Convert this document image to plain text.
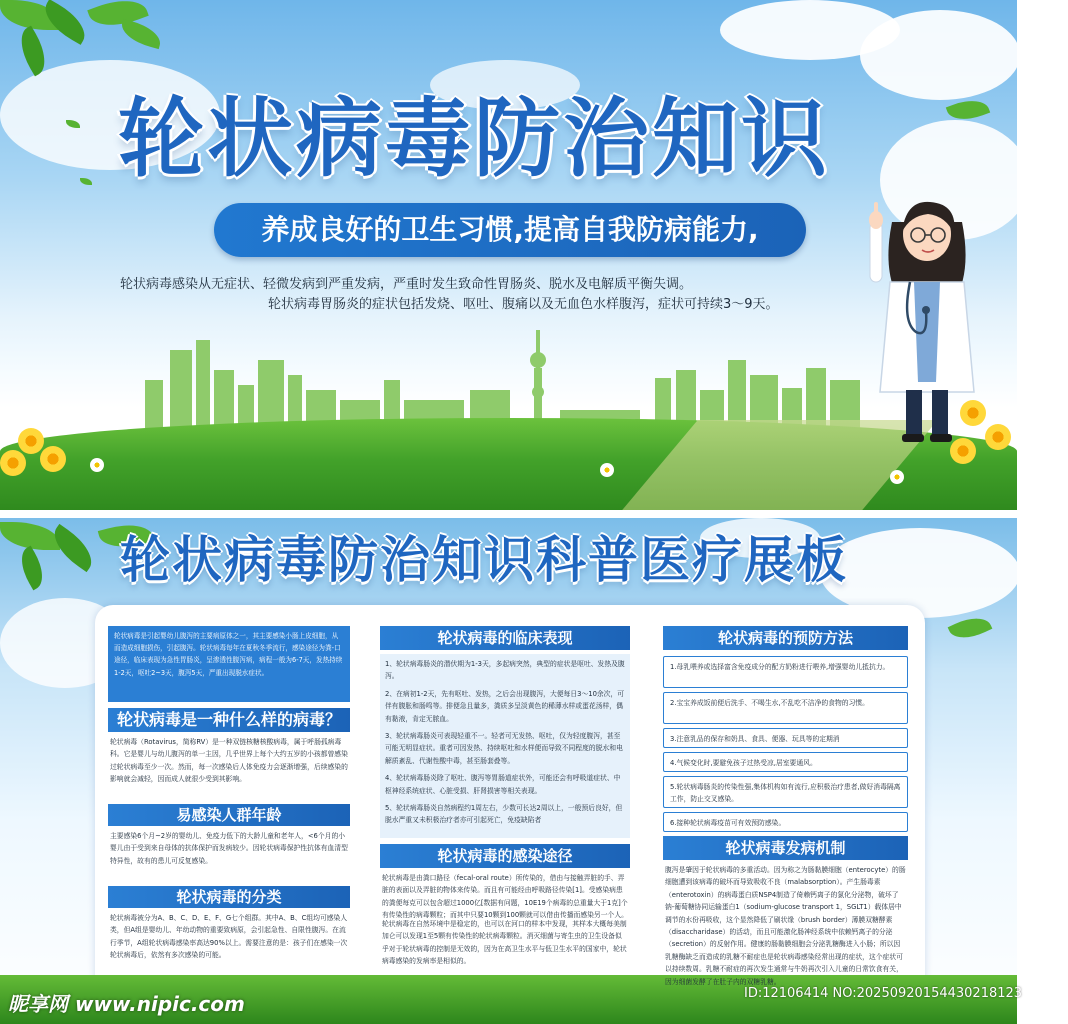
轮状病毒防治知识
养成良好的卫生习惯,提高自我防病能力,
轮状病毒感染从无症状、轻微发病到严重发病，严重时发生致命性胃肠炎、脱水及电解质平衡失调。
轮状病毒胃肠炎的症状包括发烧、呕吐、腹痛以及无血色水样腹泻，症状可持续3～9天。
轮状病毒防治知识科普医疗展板
轮状病毒是引起婴幼儿腹泻的主要病原体之一，其主要感染小肠上皮细胞，从而造成细胞损伤，引起腹泻。轮状病毒每年在夏秋冬季流行，感染途径为粪-口途径，临床表现为急性胃肠炎，呈渗透性腹泻病，病程一般为6-7天，发热持续1-2天，呕吐2~3天，腹泻5天，严重出现脱水症状。
轮状病毒是一种什么样的病毒？
轮状病毒（Rotavirus，简称RV）是一种双链核糖核酸病毒，属于呼肠孤病毒科。它是婴儿与幼儿腹泻的单一主因，几乎世界上每个大约五岁的小孩都曾感染过轮状病毒至少一次。然而，每一次感染后人体免疫力会逐渐增强，后续感染的影响就会减轻，因而成人就很少受到其影响。
易感染人群年龄
主要感染6个月~2岁的婴幼儿、免疫力低下的大龄儿童和老年人，<6个月的小婴儿由于受到来自母体的抗体保护而发病较少。因轮状病毒保护性抗体有血清型特异性，故有的患儿可反复感染。
轮状病毒的分类
轮状病毒被分为A、B、C、D、E、F、G七个组群。其中A、B、C组均可感染人类，但A组是婴幼儿、年幼动物的重要致病原，会引起急性、自限性腹泻。在流行季节，A组轮状病毒感染率高达90%以上。需要注意的是：孩子们在感染一次轮状病毒后，依然有多次感染的可能。
轮状病毒的临床表现
1、轮状病毒肠炎的潜伏期为1-3天，多起病突然，典型的症状是呕吐、发热及腹泻。
2、在病初1-2天，先有呕吐、发热，之后会出现腹泻，大便每日3～10余次，可伴有腹胀和肠鸣等。排便急且量多，粪质多呈淡黄色的稀薄水样或蛋花汤样，偶有黏液，肯定无脓血。
3、轮状病毒肠炎可表现轻重不一。轻者可无发热、呕吐，仅为轻度腹泻，甚至可能无明显症状。重者可因发热、持续呕吐和水样便而导致不同程度的脱水和电解质紊乱、代谢性酸中毒，甚至肠套叠等。
4、轮状病毒肠炎除了呕吐、腹泻等胃肠道症状外，可能还会有呼吸道症状、中枢神经系统症状、心脏受损、肝肾损害等相关表现。
5、轮状病毒肠炎自然病程约1周左右，少数可长达2周以上，一般预后良好，但脱水严重又未积极治疗者亦可引起死亡，免疫缺陷者
轮状病毒的感染途径
轮状病毒是由粪口路径（fecal-oral route）所传染的，借由与接触弄脏的手、弄脏的表面以及弄脏的物体来传染。而且有可能经由呼吸路径传染[1]。受感染病患的粪便每克可以包含超过1000亿[数据有问题，10E19个病毒的总重量大于1克]个有传染性的病毒颗粒；而其中只要10颗到100颗就可以借由传播而感染另一个人。
轮状病毒在自然环境中是稳定的，也可以在河口的样本中发现，其样本大概每美制加仑可以发现1至5颗有传染性的轮状病毒颗粒。消灭细菌与寄生虫的卫生设备似乎对于轮状病毒的控制是无效的，因为在高卫生水平与低卫生水平的国家中，轮状病毒感染的发病率是相似的。
轮状病毒的预防方法
1.母乳喂养或选择富含免疫成分的配方奶粉进行喂养,增强婴幼儿抵抗力。
2.宝宝养成饭前便后洗手、不喝生水,不乱吃不洁净的食物的习惯。
3.注意乳品的保存和奶具、食具、便器、玩具等的定期消
4.气候变化时,要避免孩子过热受凉,居室要通风。
5.轮状病毒肠炎的传染性强,集体机构如有流行,应积极治疗患者,做好消毒隔离工作，防止交叉感染。
6.接种轮状病毒疫苗可有效预防感染。
轮状病毒发病机制
腹泻是肇因于轮状病毒的多重活动。因为称之为肠黏膜细胞（enterocyte）的肠细胞遭到该病毒的破坏而导致吸收不良（malabsorption）。产生肠毒素（enterotoxin）的病毒蛋白质NSP4制造了倚赖钙离子的氯化分泌物，破坏了钠-葡萄糖协同运输蛋白1（sodium-glucose transport 1，SGLT1）载体居中调节的水份再吸收，这个显然降低了刷状缘（brush border）薄膜双糖酵素（disaccharidase）的活动，而且可能激化肠神经系统中依赖钙离子的分泌（secretion）的反射作用。健康的肠黏膜细胞会分泌乳糖酶进入小肠；所以因乳糖酶缺乏而造成的乳糖不耐症也是轮状病毒感染经常出现的症状，这个症状可以持续数周。乳糖不耐症的再次发生通常与牛奶再次引入儿童的日常饮食有关，因为细菌发酵了在肚子内的双糖乳糖。
昵享网 www.nipic.com	ID:12106414 NO:20250920154430218123
